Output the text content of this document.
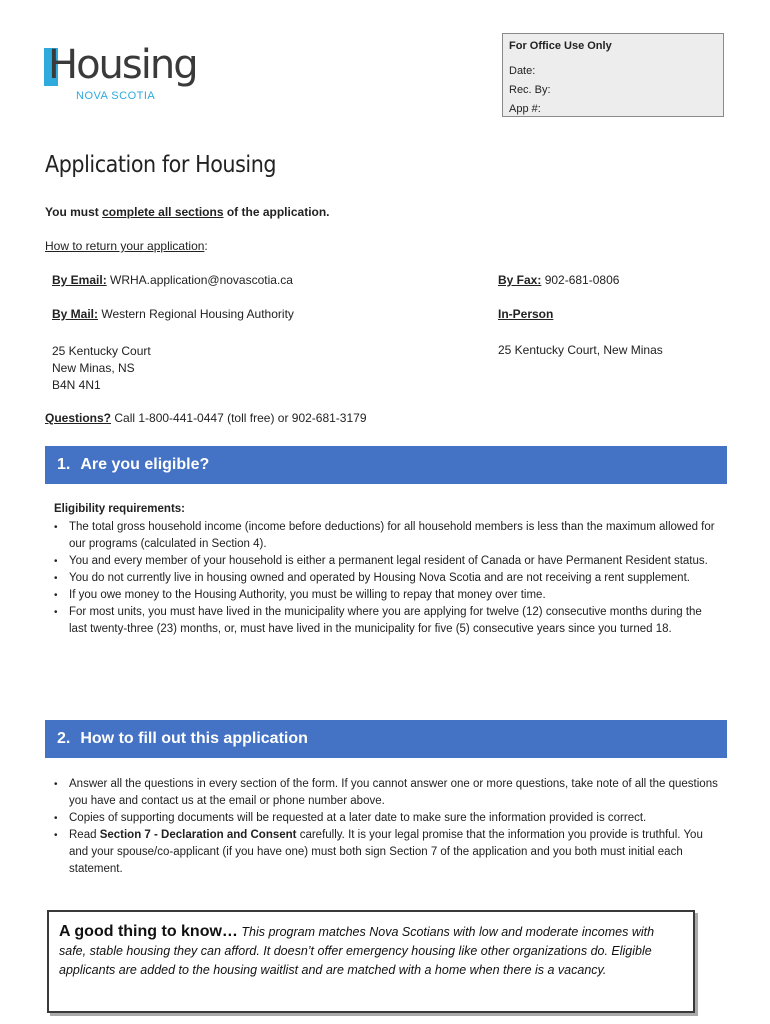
Housing
NOVA SCOTIA
For Office Use Only
Date:
Rec. By:
App #:
Application for Housing
You must complete all sections of the application.
How to return your application:
By Email: WRHA.application@novascotia.ca	By Fax: 902-681-0806
By Mail: Western Regional Housing Authority	In-Person
25 Kentucky Court
New Minas, NS
B4N 4N1
25 Kentucky Court, New Minas
Questions? Call 1-800-441-0447 (toll free) or 902-681-3179
1. Are you eligible?
Eligibility requirements:
• The total gross household income (income before deductions) for all household members is less than the maximum allowed for our programs (calculated in Section 4).
• You and every member of your household is either a permanent legal resident of Canada or have Permanent Resident status.
• You do not currently live in housing owned and operated by Housing Nova Scotia and are not receiving a rent supplement.
• If you owe money to the Housing Authority, you must be willing to repay that money over time.
• For most units, you must have lived in the municipality where you are applying for twelve (12) consecutive months during the last twenty-three (23) months, or, must have lived in the municipality for five (5) consecutive years since you turned 18.
2. How to fill out this application
• Answer all the questions in every section of the form. If you cannot answer one or more questions, take note of all the questions you have and contact us at the email or phone number above.
• Copies of supporting documents will be requested at a later date to make sure the information provided is correct.
• Read Section 7 - Declaration and Consent carefully. It is your legal promise that the information you provide is truthful. You and your spouse/co-applicant (if you have one) must both sign Section 7 of the application and you both must initial each statement.
A good thing to know… This program matches Nova Scotians with low and moderate incomes with safe, stable housing they can afford. It doesn’t offer emergency housing like other organizations do. Eligible applicants are added to the housing waitlist and are matched with a home when there is a vacancy.
